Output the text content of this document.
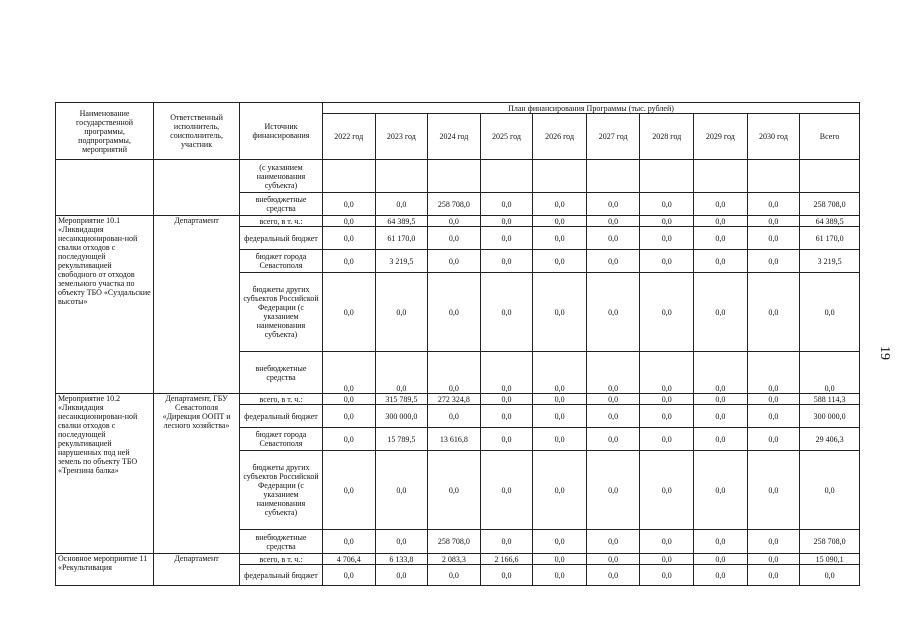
Наименование государственной программы, подпрограммы, мероприятий	Ответственный исполнитель, соисполнитель, участник	Источник финансирования	План финансирования Программы (тыс. рублей)									
			2022 год	2023 год	2024 год	2025 год	2026 год	2027 год	2028 год	2029 год	2030 год	Всего
		(с указанием наименования субъекта)										
		внебюджетные средства	0,0	0,0	258 708,0	0,0	0,0	0,0	0,0	0,0	0,0	258 708,0
Мероприятие 10.1 «Ликвидация несанкционирован-ной свалки отходов с последующей рекультивацией свободного от отходов земельного участка по объекту ТБО «Суздальские высоты»	Департамент	всего, в т. ч.:	0,0	64 389,5	0,0	0,0	0,0	0,0	0,0	0,0	0,0	64 389,5
		федеральный бюджет	0,0	61 170,0	0,0	0,0	0,0	0,0	0,0	0,0	0,0	61 170,0
		бюджет города Севастополя	0,0	3 219,5	0,0	0,0	0,0	0,0	0,0	0,0	0,0	3 219,5
		бюджеты других субъектов Российской Федерации (с указанием наименования субъекта)	0,0	0,0	0,0	0,0	0,0	0,0	0,0	0,0	0,0	0,0
		внебюджетные средства	0,0	0,0	0,0	0,0	0,0	0,0	0,0	0,0	0,0	0,0
Мероприятие 10.2 «Ликвидация несанкционирован-ной свалки отходов с последующей рекультивацией нарушенных под ней земель по объекту ТБО «Трензина балка»	Департамент, ГБУ Севастополя «Дирекция ООПТ и лесного хозяйства»	всего, в т. ч.:	0,0	315 789,5	272 324,8	0,0	0,0	0,0	0,0	0,0	0,0	588 114,3
		федеральный бюджет	0,0	300 000,0	0,0	0,0	0,0	0,0	0,0	0,0	0,0	300 000,0
		бюджет города Севастополя	0,0	15 789,5	13 616,8	0,0	0,0	0,0	0,0	0,0	0,0	29 406,3
		бюджеты других субъектов Российской Федерации (с указанием наименования субъекта)	0,0	0,0	0,0	0,0	0,0	0,0	0,0	0,0	0,0	0,0
		внебюджетные средства	0,0	0,0	258 708,0	0,0	0,0	0,0	0,0	0,0	0,0	258 708,0
Основное мероприятие 11 «Рекультивация	Департамент	всего, в т. ч.:	4 706,4	6 133,8	2 083,3	2 166,6	0,0	0,0	0,0	0,0	0,0	15 090,1
		федеральный бюджет	0,0	0,0	0,0	0,0	0,0	0,0	0,0	0,0	0,0	0,0
19
